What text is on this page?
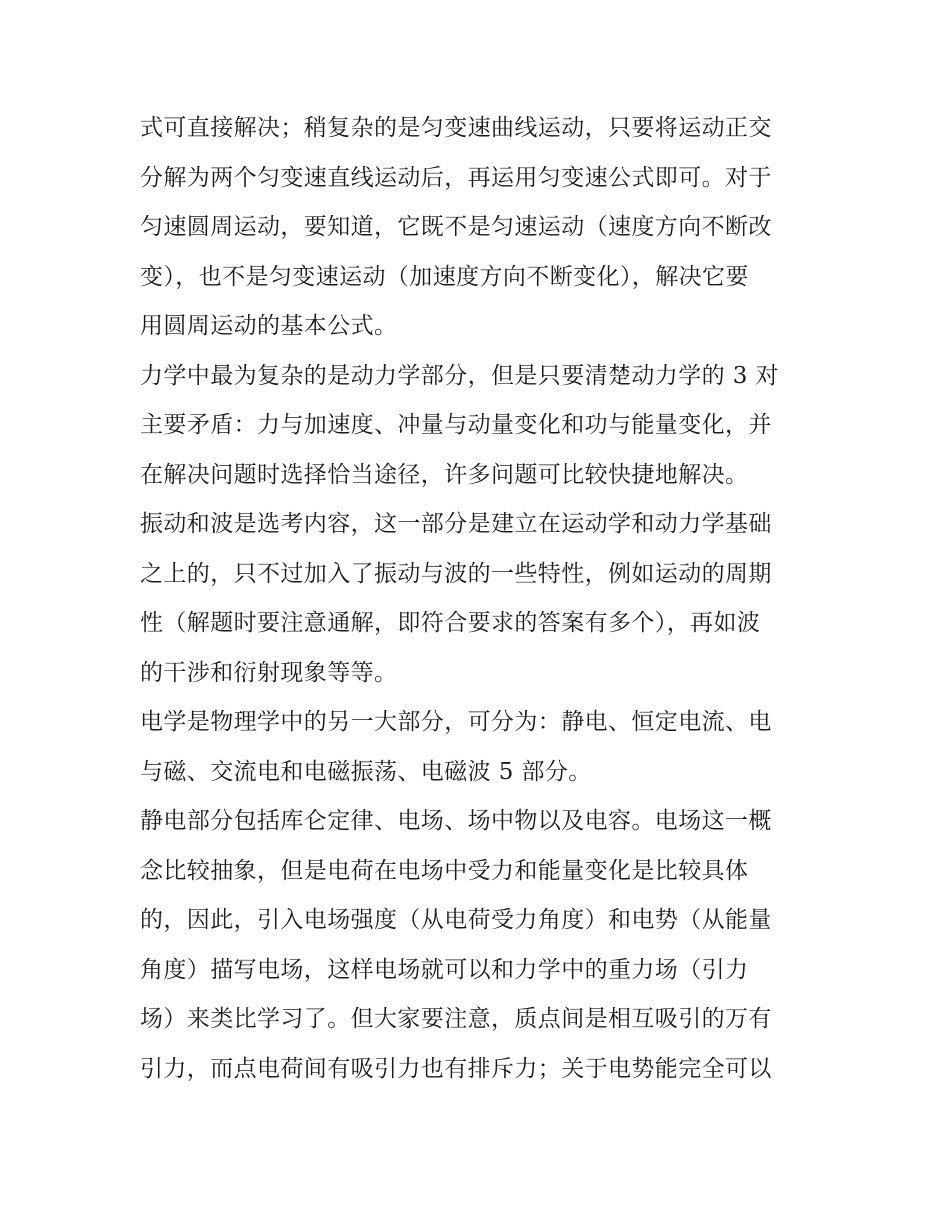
式可直接解决；稍复杂的是匀变速曲线运动，只要将运动正交
分解为两个匀变速直线运动后，再运用匀变速公式即可。对于
匀速圆周运动，要知道，它既不是匀速运动（速度方向不断改
变），也不是匀变速运动（加速度方向不断变化），解决它要
用圆周运动的基本公式。
力学中最为复杂的是动力学部分，但是只要清楚动力学的 3 对
主要矛盾：力与加速度、冲量与动量变化和功与能量变化，并
在解决问题时选择恰当途径，许多问题可比较快捷地解决。
振动和波是选考内容，这一部分是建立在运动学和动力学基础
之上的，只不过加入了振动与波的一些特性，例如运动的周期
性（解题时要注意通解，即符合要求的答案有多个），再如波
的干涉和衍射现象等等。
电学是物理学中的另一大部分，可分为：静电、恒定电流、电
与磁、交流电和电磁振荡、电磁波 5 部分。
静电部分包括库仑定律、电场、场中物以及电容。电场这一概
念比较抽象，但是电荷在电场中受力和能量变化是比较具体
的，因此，引入电场强度（从电荷受力角度）和电势（从能量
角度）描写电场，这样电场就可以和力学中的重力场（引力
场）来类比学习了。但大家要注意，质点间是相互吸引的万有
引力，而点电荷间有吸引力也有排斥力；关于电势能完全可以
